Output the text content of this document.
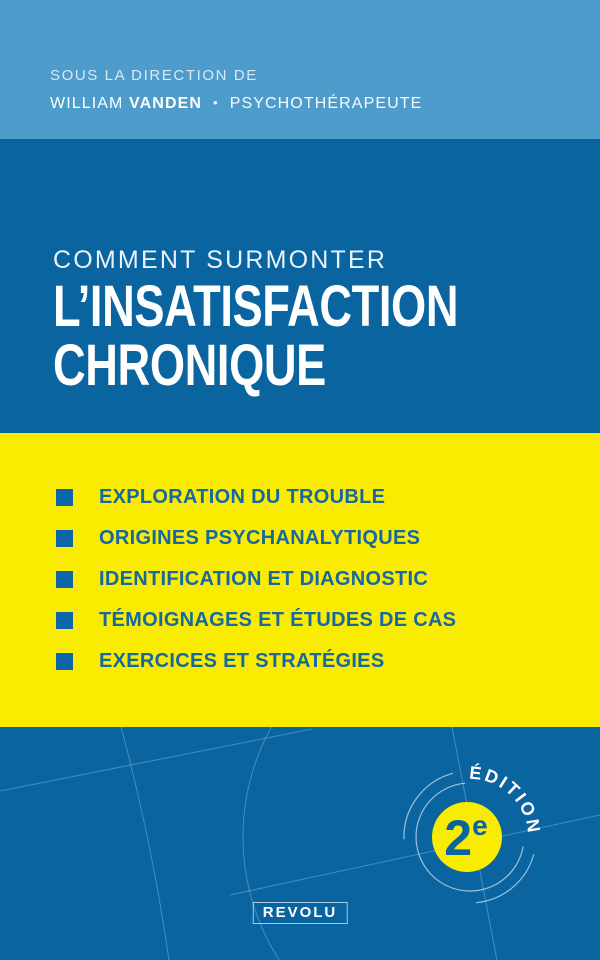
SOUS LA DIRECTION DE
WILLIAM VANDEN • PSYCHOTHÉRAPEUTE
COMMENT SURMONTER
L’INSATISFACTION
CHRONIQUE
EXPLORATION DU TROUBLE
ORIGINES PSYCHANALYTIQUES
IDENTIFICATION ET DIAGNOSTIC
TÉMOIGNAGES ET ÉTUDES DE CAS
EXERCICES ET STRATÉGIES
ÉDITION
2e
REVOLU
